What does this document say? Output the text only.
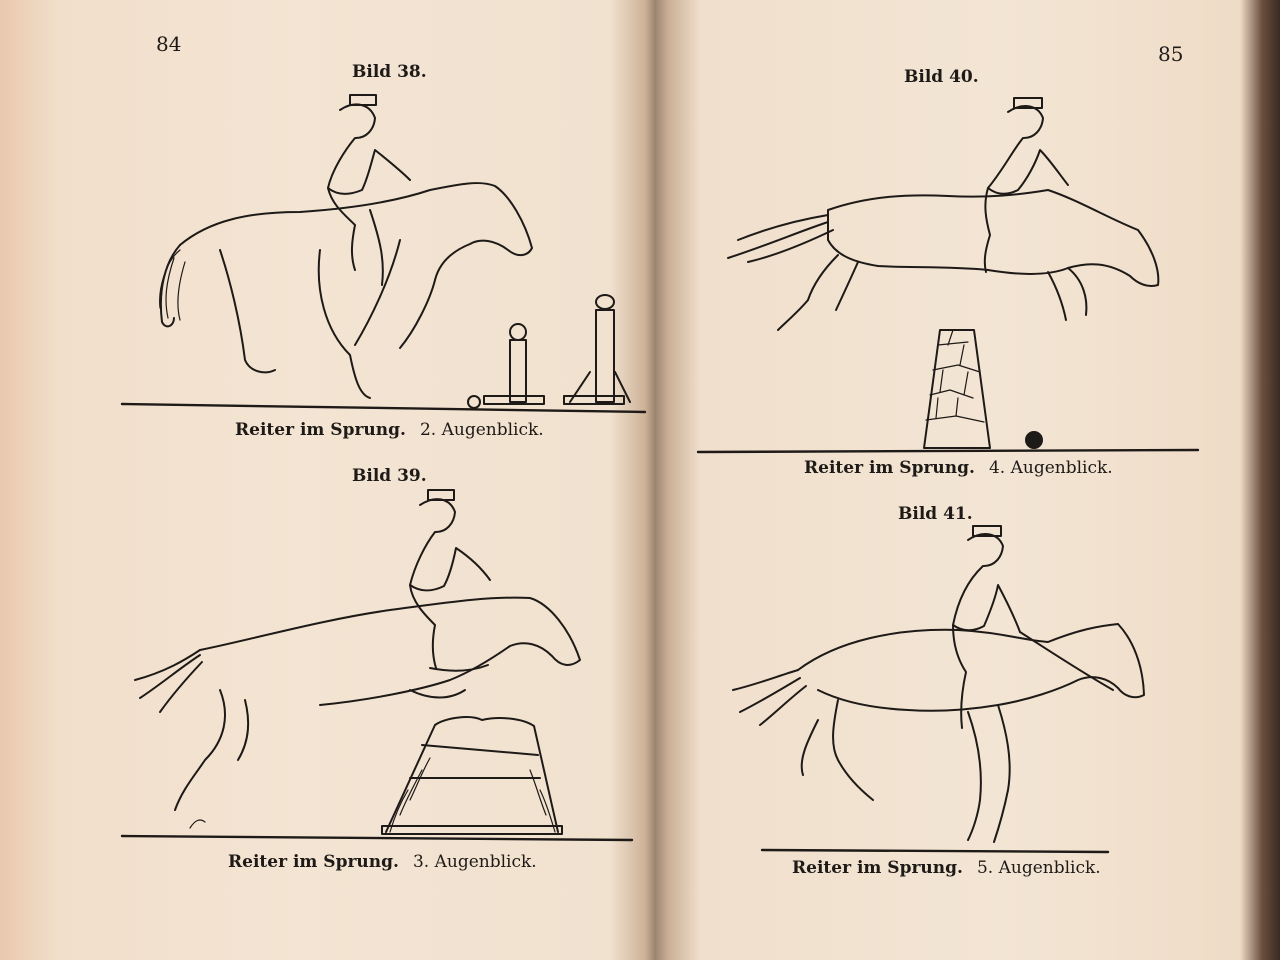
84
Bild 38.
Reiter im Sprung. 2. Augenblick.
Bild 39.
Reiter im Sprung. 3. Augenblick.
85
Bild 40.
Reiter im Sprung. 4. Augenblick.
Bild 41.
Reiter im Sprung. 5. Augenblick.
